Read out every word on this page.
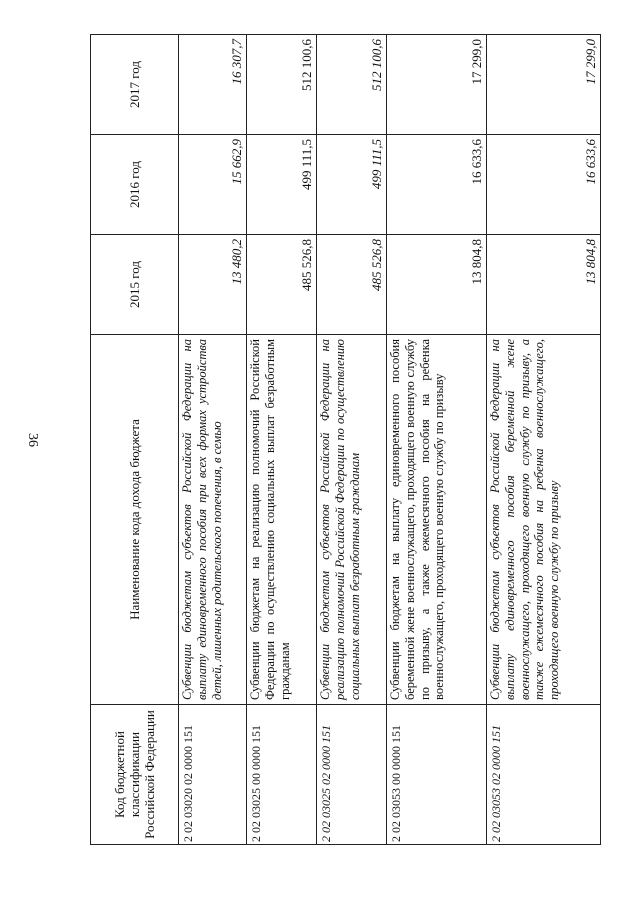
36
Код бюджетной классификации Российской Федерации	Наименование кода дохода бюджета	2015 год	2016 год	2017 год
2 02 03020 02 0000 151	Субвенции бюджетам субъектов Российской Федерации на выплату единовременного пособия при всех формах устройства детей, лишенных родительского попечения, в семью	13 480,2	15 662,9	16 307,7
2 02 03025 00 0000 151	Субвенции бюджетам на реализацию полномочий Российской Федерации по осуществлению социальных выплат безработным гражданам	485 526,8	499 111,5	512 100,6
2 02 03025 02 0000 151	Субвенции бюджетам субъектов Российской Федерации на реализацию полномочий Российской Федерации по осуществлению социальных выплат безработным гражданам	485 526,8	499 111,5	512 100,6
2 02 03053 00 0000 151	Субвенции бюджетам на выплату единовременного пособия беременной жене военнослужащего, проходящего военную службу по призыву, а также ежемесячного пособия на ребенка военнослужащего, проходящего военную службу по призыву	13 804,8	16 633,6	17 299,0
2 02 03053 02 0000 151	Субвенции бюджетам субъектов Российской Федерации на выплату единовременного пособия беременной жене военнослужащего, проходящего военную службу по призыву, а также ежемесячного пособия на ребенка военнослужащего, проходящего военную службу по призыву	13 804,8	16 633,6	17 299,0
